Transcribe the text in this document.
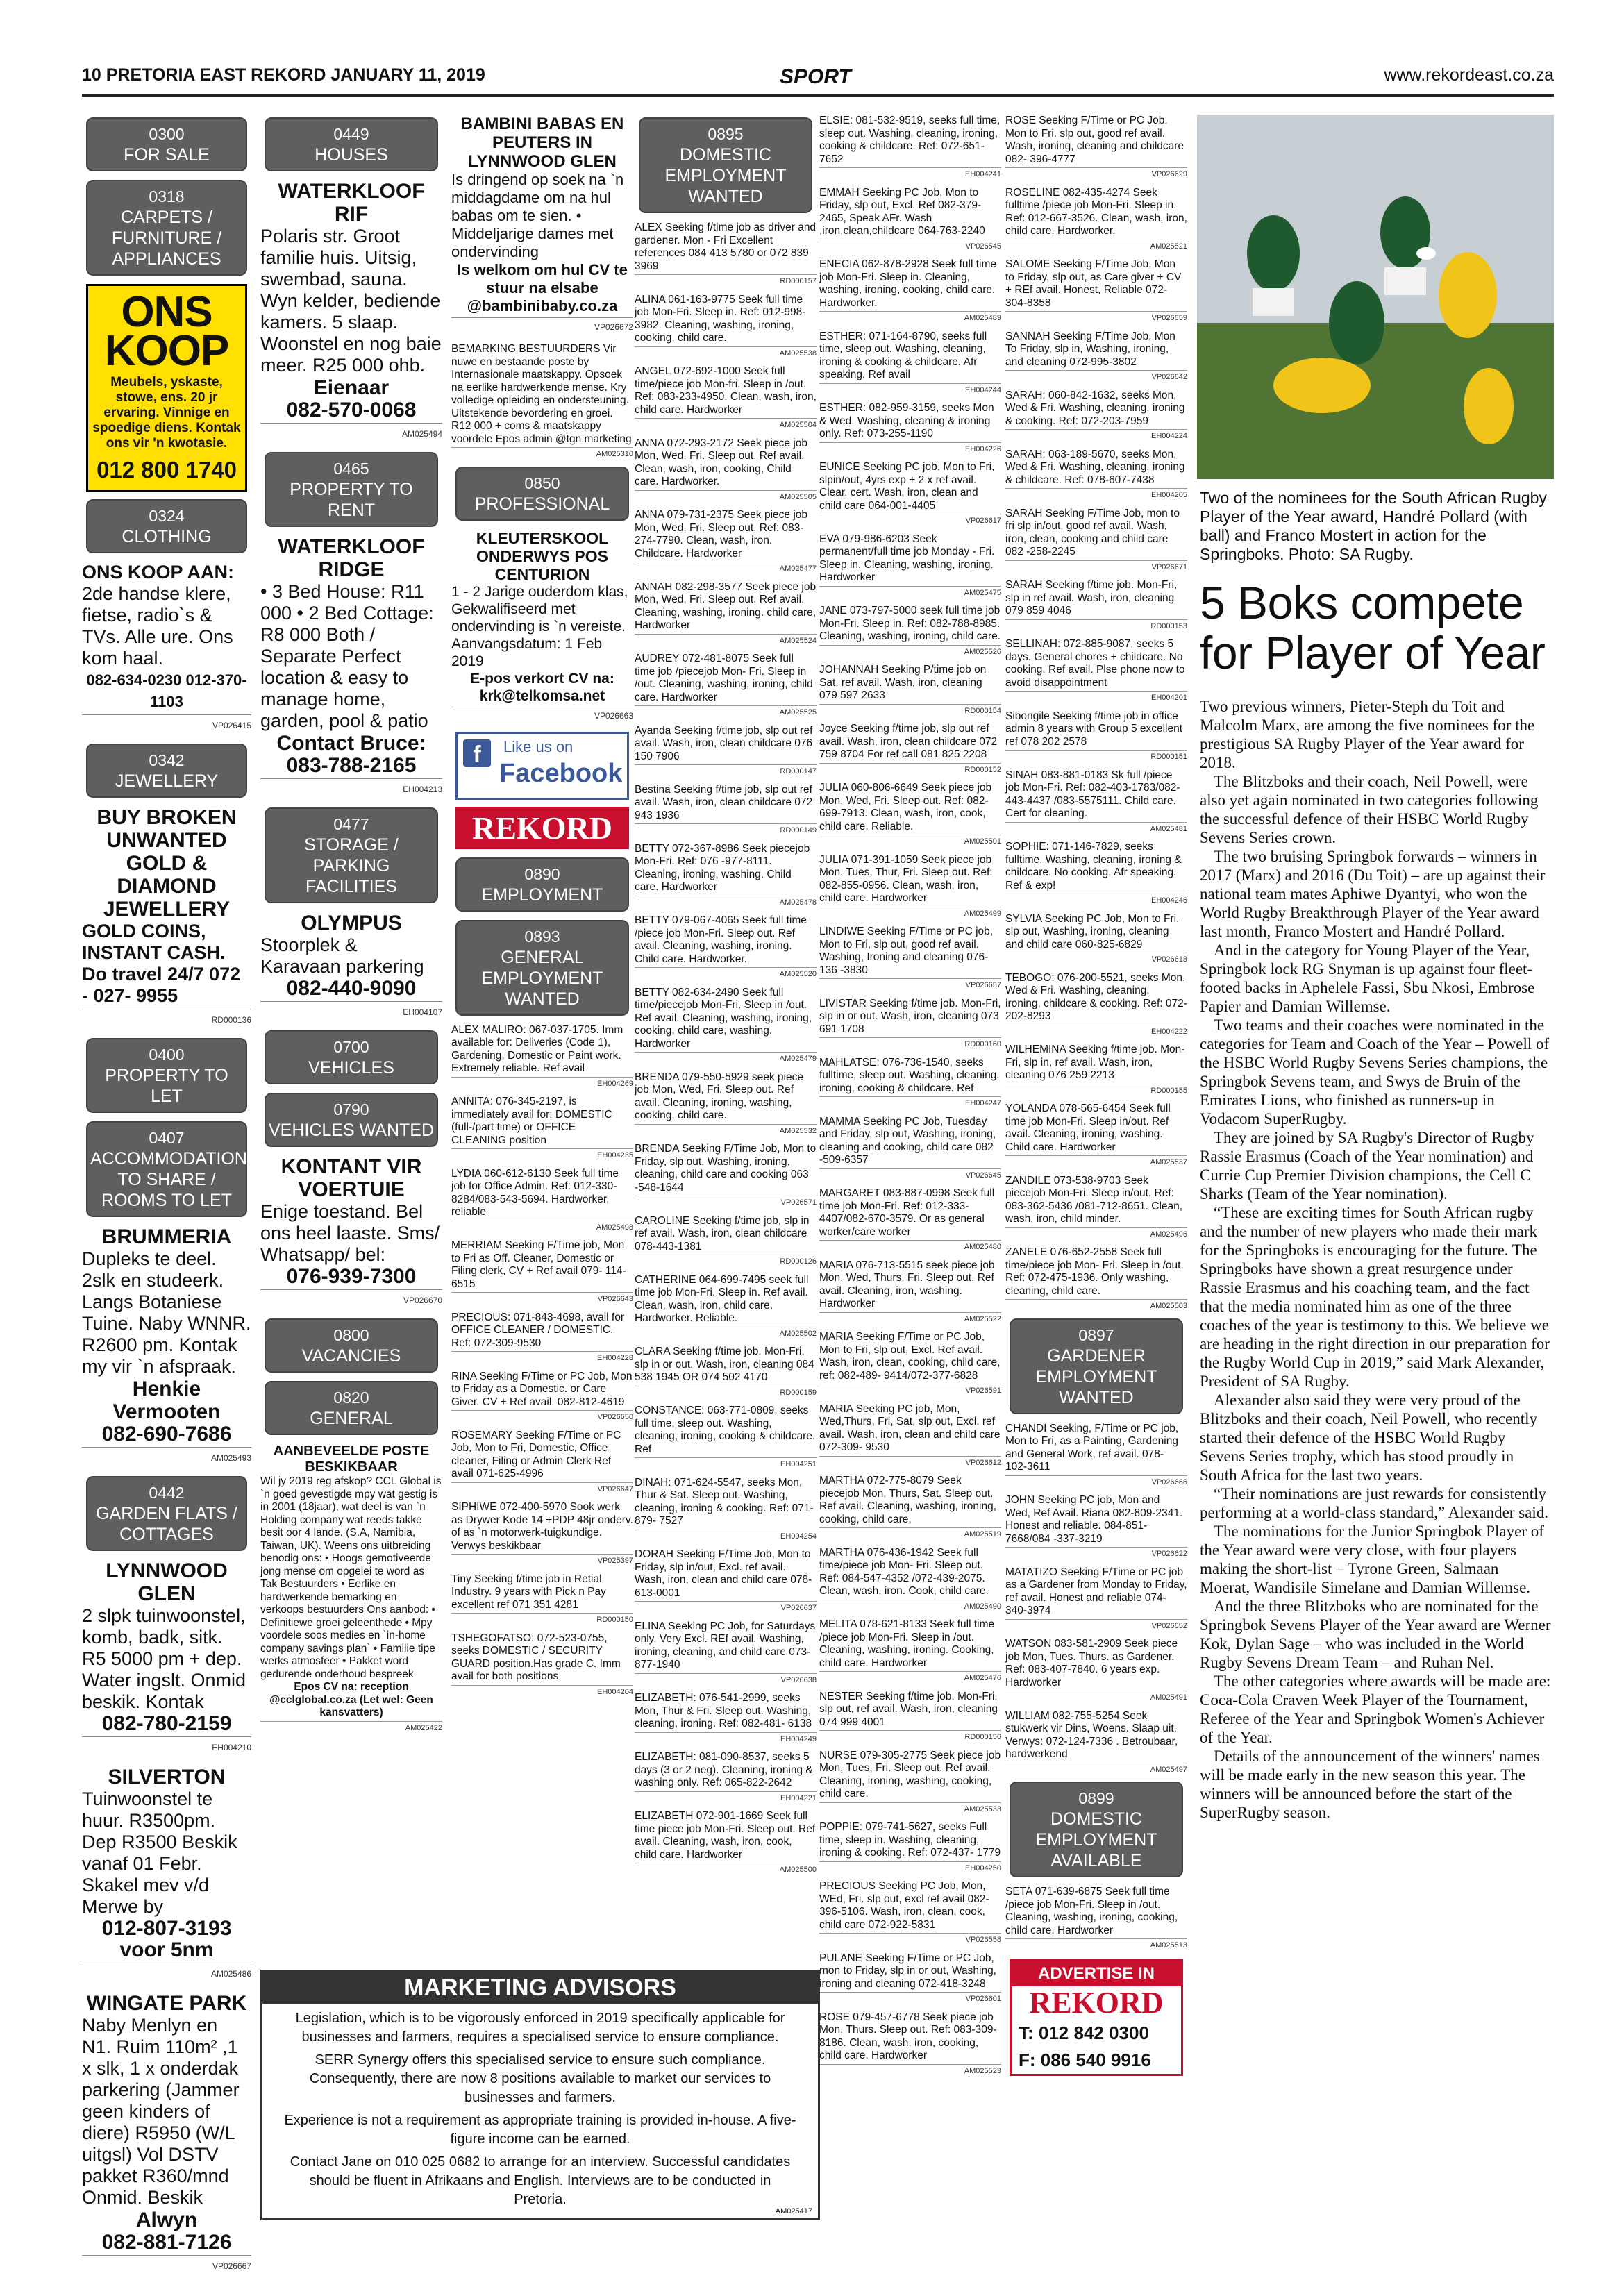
10 PRETORIA EAST REKORD JANUARY 11, 2019	SPORT	www.rekordeast.co.za
0300
FOR SALE
0318
CARPETS / FURNITURE / APPLIANCES
ONS KOOP
Meubels, yskaste, stowe, ens. 20 jr ervaring. Vinnige en spoedige diens. Kontak ons vir 'n kwotasie.
012 800 1740
0324
CLOTHING
ONS KOOP AAN:
2de handse klere, fietse, radio`s & TVs. Alle ure. Ons kom haal.
082-634-0230 012-370-1103
VP026415
0342
JEWELLERY
BUY BROKEN UNWANTED GOLD & DIAMOND JEWELLERY
GOLD COINS, INSTANT CASH. Do travel 24/7 072 - 027- 9955
RD000136
0400
PROPERTY TO LET
0407
ACCOMMODATION TO SHARE / ROOMS TO LET
BRUMMERIA
Dupleks te deel. 2slk en studeerk. Langs Botaniese Tuine. Naby WNNR. R2600 pm. Kontak my vir `n afspraak.
Henkie Vermooten
082-690-7686
AM025493
0442
GARDEN FLATS / COTTAGES
LYNNWOOD GLEN
2 slpk tuinwoonstel, komb, badk, sitk. R5 5000 pm + dep. Water ingslt. Onmid beskik. Kontak
082-780-2159
EH004210
SILVERTON
Tuinwoonstel te huur. R3500pm. Dep R3500 Beskik vanaf 01 Febr. Skakel mev v/d Merwe by
012-807-3193 voor 5nm
AM025486
WINGATE PARK
Naby Menlyn en N1. Ruim 110m² ,1 x slk, 1 x onderdak parkering (Jammer geen kinders of diere) R5950 (W/L uitgsl) Vol DSTV pakket R360/mnd Onmid. Beskik
Alwyn
082-881-7126
VP026667
0449
HOUSES
WATERKLOOF RIF
Polaris str. Groot familie huis. Uitsig, swembad, sauna. Wyn kelder, bediende kamers. 5 slaap. Woonstel en nog baie meer. R25 000 ohb.
Eienaar
082-570-0068
AM025494
0465
PROPERTY TO RENT
WATERKLOOF RIDGE
• 3 Bed House: R11 000 • 2 Bed Cottage: R8 000 Both / Separate Perfect location & easy to manage home, garden, pool & patio
Contact Bruce:
083-788-2165
EH004213
0477
STORAGE / PARKING FACILITIES
OLYMPUS
Stoorplek & Karavaan parkering
082-440-9090
EH004107
0700
VEHICLES
0790
VEHICLES WANTED
KONTANT VIR VOERTUIE
Enige toestand. Bel ons heel laaste. Sms/ Whatsapp/ bel:
076-939-7300
VP026670
0800
VACANCIES
0820
GENERAL
AANBEVEELDE POSTE BESKIKBAAR
Wil jy 2019 reg afskop? CCL Global is `n goed gevestigde mpy wat gestig is in 2001 (18jaar), wat deel is van `n Holding company wat reeds takke besit oor 4 lande. (S.A, Namibia, Taiwan, UK). Weens ons uitbreiding benodig ons: • Hoogs gemotiveerde jong mense om opgelei te word as Tak Bestuurders • Eerlike en hardwerkende bemarking en verkoops bestuurders Ons aanbod: • Definitiewe groei geleenthede • Mpy voordele soos medies en `in-home company savings plan` • Familie tipe werks atmosfeer • Pakket word gedurende onderhoud bespreek
Epos CV na: reception @cclglobal.co.za (Let wel: Geen kansvatters)
AM025422
BAMBINI BABAS EN PEUTERS IN LYNNWOOD GLEN
Is dringend op soek na `n middagdame om na hul babas om te sien. • Middeljarige dames met ondervinding
Is welkom om hul CV te stuur na elsabe @bambinibaby.co.za
VP026672
BEMARKING BESTUURDERS Vir nuwe en bestaande poste by Internasionale maatskappy. Opsoek na eerlike hardwerkende mense. Kry volledige opleiding en ondersteuning. Uitstekende bevordering en groei. R12 000 + coms & maatskappy voordele Epos admin @tgn.marketing
AM025310
0850
PROFESSIONAL
KLEUTERSKOOL ONDERWYS POS CENTURION
1 - 2 Jarige ouderdom klas, Gekwalifiseerd met ondervinding is `n vereiste. Aanvangsdatum: 1 Feb 2019
E-pos verkort CV na: krk@telkomsa.net
VP026663
f	Like us on
Facebook
REKORD
0890
EMPLOYMENT
0893
GENERAL EMPLOYMENT WANTED
ALEX MALIRO: 067-037-1705. Imm available for: Deliveries (Code 1), Gardening, Domestic or Paint work. Extremely reliable. Ref avail
EH004269
ANNITA: 076-345-2197, is immediately avail for: DOMESTIC (full-/part time) or OFFICE CLEANING position
EH004235
LYDIA 060-612-6130 Seek full time job for Office Admin. Ref: 012-330-8284/083-543-5694. Hardworker, reliable
AM025498
MERRIAM Seeking F/Time job, Mon to Fri as Off. Cleaner, Domestic or Filing clerk, CV + Ref avail 079- 114-6515
VP026643
PRECIOUS: 071-843-4698, avail for OFFICE CLEANER / DOMESTIC. Ref: 072-309-9530
EH004228
RINA Seeking F/Time or PC Job, Mon to Friday as a Domestic. or Care Giver. CV + Ref avail. 082-812-4619
VP026650
ROSEMARY Seeking F/Time or PC Job, Mon to Fri, Domestic, Office cleaner, Filing or Admin Clerk Ref avail 071-625-4996
VP026647
SIPHIWE 072-400-5970 Sook werk as Drywer Kode 14 +PDP 48jr onderv. of as `n motorwerk-tuigkundige. Verwys beskikbaar
VP025397
Tiny Seeking f/time job in Retial Industry. 9 years with Pick n Pay excellent ref 071 351 4281
RD000150
TSHEGOFATSO: 072-523-0755, seeks DOMESTIC / SECURITY GUARD position.Has grade C. Imm avail for both positions
EH004204
0895
DOMESTIC EMPLOYMENT WANTED
ALEX Seeking f/time job as driver and gardener. Mon - Fri Excellent references 084 413 5780 or 072 839 3969
RD000157
ALINA 061-163-9775 Seek full time job Mon-Fri. Sleep in. Ref: 012-998-3982. Cleaning, washing, ironing, cooking, child care.
AM025538
ANGEL 072-692-1000 Seek full time/piece job Mon-fri. Sleep in /out. Ref: 083-233-4950. Clean, wash, iron, child care. Hardworker
AM025504
ANNA 072-293-2172 Seek piece job Mon, Wed, Fri. Sleep out. Ref avail. Clean, wash, iron, cooking, Child care. Hardworker.
AM025505
ANNA 079-731-2375 Seek piece job Mon, Wed, Fri. Sleep out. Ref: 083-274-7790. Clean, wash, iron. Childcare. Hardworker
AM025477
ANNAH 082-298-3577 Seek piece job Mon, Wed, Fri. Sleep out. Ref avail. Cleaning, washing, ironing. child care, Hardworker
AM025524
AUDREY 072-481-8075 Seek full time job /piecejob Mon- Fri. Sleep in /out. Cleaning, washing, ironing, child care. Hardworker
AM025525
Ayanda Seeking f/time job, slp out ref avail. Wash, iron, clean childcare 076 150 7906
RD000147
Bestina Seeking f/time job, slp out ref avail. Wash, iron, clean childcare 072 943 1936
RD000149
BETTY 072-367-8986 Seek piecejob Mon-Fri. Ref: 076 -977-8111. Cleaning, ironing, washing. Child care. Hardworker
AM025478
BETTY 079-067-4065 Seek full time /piece job Mon-Fri. Sleep out. Ref avail. Cleaning, washing, ironing. Child care. Hardworker.
AM025520
BETTY 082-634-2490 Seek full time/piecejob Mon-Fri. Sleep in /out. Ref avail. Cleaning, washing, ironing, cooking, child care, washing. Hardworker
AM025479
BRENDA 079-550-5929 seek piece job Mon, Wed, Fri. Sleep out. Ref avail. Cleaning, ironing, washing, cooking, child care.
AM025532
BRENDA Seeking F/Time Job, Mon to Friday, slp out, Washing, ironing, cleaning, child care and cooking 063 -548-1644
VP026571
CAROLINE Seeking f/time job, slp in ref avail. Wash, iron, clean childcare 078-443-1381
RD000126
CATHERINE 064-699-7495 seek full time job Mon-Fri. Sleep in. Ref avail. Clean, wash, iron, child care. Hardworker. Reliable.
AM025502
CLARA Seeking f/time job. Mon-Fri, slp in or out. Wash, iron, cleaning 084 538 1945 OR 074 502 4170
RD000159
CONSTANCE: 063-771-0809, seeks full time, sleep out. Washing, cleaning, ironing, cooking & childcare. Ref
EH004251
DINAH: 071-624-5547, seeks Mon, Thur & Sat. Sleep out. Washing, cleaning, ironing & cooking. Ref: 071-879- 7527
EH004254
DORAH Seeking F/Time Job, Mon to Friday, slp in/out, Excl. ref avail. Wash, iron, clean and child care 078- 613-0001
VP026637
ELINA Seeking PC Job, for Saturdays only, Very Excl. REf avail. Washing, ironing, cleaning, and child care 073-877-1940
VP026638
ELIZABETH: 076-541-2999, seeks Mon, Thur & Fri. Sleep out. Washing, cleaning, ironing. Ref: 082-481- 6138
EH004249
ELIZABETH: 081-090-8537, seeks 5 days (3 or 2 neg). Cleaning, ironing & washing only. Ref: 065-822-2642
EH004221
ELIZABETH 072-901-1669 Seek full time piece job Mon-Fri. Sleep out. Ref avail. Cleaning, wash, iron, cook, child care. Hardworker
AM025500
ELSIE: 081-532-9519, seeks full time, sleep out. Washing, cleaning, ironing, cooking & childcare. Ref: 072-651-7652
EH004241
EMMAH Seeking PC Job, Mon to Friday, slp out, Excl. Ref 082-379-2465, Speak AFr. Wash ,iron,clean,childcare 064-763-2240
VP026545
ENECIA 062-878-2928 Seek full time job Mon-Fri. Sleep in. Cleaning, washing, ironing, cooking, child care. Hardworker.
AM025489
ESTHER: 071-164-8790, seeks full time, sleep out. Washing, cleaning, ironing & cooking & childcare. Afr speaking. Ref avail
EH004244
ESTHER: 082-959-3159, seeks Mon & Wed. Washing, cleaning & ironing only. Ref: 073-255-1190
EH004226
EUNICE Seeking PC job, Mon to Fri, slpin/out, 4yrs exp + 2 x ref avail. Clear. cert. Wash, iron, clean and child care 064-001-4405
VP026617
EVA 079-986-6203 Seek permanent/full time job Monday - Fri. Sleep in. Cleaning, washing, ironing. Hardworker
AM025475
JANE 073-797-5000 seek full time job Mon-Fri. Sleep in. Ref: 082-788-8985. Cleaning, washing, ironing, child care.
AM025526
JOHANNAH Seeking P/time job on Sat, ref avail. Wash, iron, cleaning 079 597 2633
RD000154
Joyce Seeking f/time job, slp out ref avail. Wash, iron, clean childcare 072 759 8704 For ref call 081 825 2208
RD000152
JULIA 060-806-6649 Seek piece job Mon, Wed, Fri. Sleep out. Ref: 082-699-7913. Clean, wash, iron, cook, child care. Reliable.
AM025501
JULIA 071-391-1059 Seek piece job Mon, Tues, Thur, Fri. Sleep out. Ref: 082-855-0956. Clean, wash, iron, child care. Hardworker
AM025499
LINDIWE Seeking F/Time or PC job, Mon to Fri, slp out, good ref avail. Washing, Ironing and cleaning 076-136 -3830
VP026657
LIVISTAR Seeking f/time job. Mon-Fri, slp in or out. Wash, iron, cleaning 073 691 1708
RD000160
MAHLATSE: 076-736-1540, seeks fulltime, sleep out. Washing, cleaning, ironing, cooking & childcare. Ref
EH004247
MAMMA Seeking PC Job, Tuesday and Friday, slp out, Washing, ironing, cleaning and cooking, child care 082 -509-6357
VP026645
MARGARET 083-887-0998 Seek full time job Mon-Fri. Ref: 012-333-4407/082-670-3579. Or as general worker/care worker
AM025480
MARIA 076-713-5515 seek piece job Mon, Wed, Thurs, Fri. Sleep out. Ref avail. Cleaning, iron, washing. Hardworker
AM025522
MARIA Seeking F/Time or PC Job, Mon to Fri, slp out, Excl. Ref avail. Wash, iron, clean, cooking, child care, ref: 082-489- 9414/072-377-6828
VP026591
MARIA Seeking PC job, Mon, Wed,Thurs, Fri, Sat, slp out, Excl. ref avail. Wash, iron, clean and child care 072-309- 9530
VP026612
MARTHA 072-775-8079 Seek piecejob Mon, Thurs, Sat. Sleep out. Ref avail. Cleaning, washing, ironing, cooking, child care,
AM025519
MARTHA 076-436-1942 Seek full time/piece job Mon- Fri. Sleep out. Ref: 084-547-4352 /072-439-2075. Clean, wash, iron. Cook, child care.
AM025490
MELITA 078-621-8133 Seek full time /piece job Mon-Fri. Sleep in /out. Cleaning, washing, ironing. Cooking, child care. Hardworker
AM025476
NESTER Seeking f/time job. Mon-Fri, slp out, ref avail. Wash, iron, cleaning 074 999 4001
RD000156
NURSE 079-305-2775 Seek piece job Mon, Tues, Fri. Sleep out. Ref avail. Cleaning, ironing, washing, cooking, child care.
AM025533
POPPIE: 079-741-5627, seeks Full time, sleep in. Washing, cleaning, ironing & cooking. Ref: 072-437- 1779
EH004250
PRECIOUS Seeking PC Job, Mon, WEd, Fri. slp out, excl ref avail 082-396-5106. Wash, iron, clean, cook, child care 072-922-5831
VP026558
PULANE Seeking F/Time or PC Job, mon to Friday, slp in or out, Washing, ironing and cleaning 072-418-3248
VP026601
ROSE 079-457-6778 Seek piece job Mon, Thurs. Sleep out. Ref: 083-309-8186. Clean, wash, iron, cooking, child care. Hardworker
AM025523
ROSE Seeking F/Time or PC Job, Mon to Fri. slp out, good ref avail. Wash, ironing, cleaning and childcare 082- 396-4777
VP026629
ROSELINE 082-435-4274 Seek fulltime /piece job Mon-Fri. Sleep in. Ref: 012-667-3526. Clean, wash, iron, child care. Hardworker.
AM025521
SALOME Seeking F/Time Job, Mon to Friday, slp out, as Care giver + CV + REf avail. Honest, Reliable 072- 304-8358
VP026659
SANNAH Seeking F/Time Job, Mon To Friday, slp in, Washing, ironing, and cleaning 072-995-3802
VP026642
SARAH: 060-842-1632, seeks Mon, Wed & Fri. Washing, cleaning, ironing & cooking. Ref: 072-203-7959
EH004224
SARAH: 063-189-5670, seeks Mon, Wed & Fri. Washing, cleaning, ironing & childcare. Ref: 078-607-7438
EH004205
SARAH Seeking F/Time Job, mon to fri slp in/out, good ref avail. Wash, iron, clean, cooking and child care 082 -258-2245
VP026671
SARAH Seeking f/time job. Mon-Fri, slp in ref avail. Wash, iron, cleaning 079 859 4046
RD000153
SELLINAH: 072-885-9087, seeks 5 days. General chores + childcare. No cooking. Ref avail. Plse phone now to avoid disappointment
EH004201
Sibongile Seeking f/time job in office admin 8 years with Group 5 excellent ref 078 202 2578
RD000151
SINAH 083-881-0183 Sk full /piece job Mon-Fri. Ref: 082-403-1783/082-443-4437 /083-5575111. Child care. Cert for cleaning.
AM025481
SOPHIE: 071-146-7829, seeks fulltime. Washing, cleaning, ironing & childcare. No cooking. Afr speaking. Ref & exp!
EH004246
SYLVIA Seeking PC Job, Mon to Fri. slp out, Washing, ironing, cleaning and child care 060-825-6829
VP026618
TEBOGO: 076-200-5521, seeks Mon, Wed & Fri. Washing, cleaning, ironing, childcare & cooking. Ref: 072-202-8293
EH004222
WILHEMINA Seeking f/time job. Mon-Fri, slp in, ref avail. Wash, iron, cleaning 076 259 2213
RD000155
YOLANDA 078-565-6454 Seek full time job Mon-Fri. Sleep in/out. Ref avail. Cleaning, ironing, washing. Child care. Hardworker
AM025537
ZANDILE 073-538-9703 Seek piecejob Mon-Fri. Sleep in/out. Ref: 083-362-5436 /081-712-8651. Clean, wash, iron, child minder.
AM025496
ZANELE 076-652-2558 Seek full time/piece job Mon- Fri. Sleep in /out. Ref: 072-475-1936. Only washing, cleaning, child care.
AM025503
0897
GARDENER EMPLOYMENT WANTED
CHANDI Seeking, F/Time or PC job, Mon to Fri, as a Painting, Gardening and General Work, ref avail. 078- 102-3611
VP026666
JOHN Seeking PC job, Mon and Wed, Ref Avail. Riana 082-809-2341. Honest and reliable. 084-851-7668/084 -337-3219
VP026622
MATATIZO Seeking F/Time or PC job as a Gardener from Monday to Friday, ref avail. Honest and reliable 074-340-3974
VP026652
WATSON 083-581-2909 Seek piece job Mon, Tues. Thurs. as Gardener. Ref: 083-407-7840. 6 years exp. Hardworker
AM025491
WILLIAM 082-755-5254 Seek stukwerk vir Dins, Woens. Slaap uit. Verwys: 072-124-7336 . Betroubaar, hardwerkend
AM025497
0899
DOMESTIC EMPLOYMENT AVAILABLE
SETA 071-639-6875 Seek full time /piece job Mon-Fri. Sleep in /out. Cleaning, washing, ironing, cooking, child care. Hardworker
AM025513
ADVERTISE IN
REKORD
T: 012 842 0300
F: 086 540 9916
MARKETING ADVISORS

Legislation, which is to be vigorously enforced in 2019 specifically applicable for businesses and farmers, requires a specialised service to ensure compliance.

SERR Synergy offers this specialised service to ensure such compliance. Consequently, there are now 8 positions available to market our services to businesses and farmers.

Experience is not a requirement as appropriate training is provided in-house. A five-figure income can be earned.

Contact Jane on 010 025 0682 to arrange for an interview. Successful candidates should be fluent in Afrikaans and English. Interviews are to be conducted in Pretoria.

AM025417
Two of the nominees for the South African Rugby Player of the Year award, Handré Pollard (with ball) and Franco Mostert in action for the Springboks. Photo: SA Rugby.
5 Boks compete for Player of Year

Two previous winners, Pieter-Steph du Toit and Malcolm Marx, are among the five nominees for the prestigious SA Rugby Player of the Year award for 2018.

The Blitzboks and their coach, Neil Powell, were also yet again nominated in two categories following the successful defence of their HSBC World Rugby Sevens Series crown.

The two bruising Springbok forwards – winners in 2017 (Marx) and 2016 (Du Toit) – are up against their national team mates Aphiwe Dyantyi, who won the World Rugby Breakthrough Player of the Year award last month, Franco Mostert and Handré Pollard.

And in the category for Young Player of the Year, Springbok lock RG Snyman is up against four fleet-footed backs in Aphelele Fassi, Sbu Nkosi, Embrose Papier and Damian Willemse.

Two teams and their coaches were nominated in the categories for Team and Coach of the Year – Powell of the HSBC World Rugby Sevens Series champions, the Springbok Sevens team, and Swys de Bruin of the Emirates Lions, who finished as runners-up in Vodacom SuperRugby.

They are joined by SA Rugby's Director of Rugby Rassie Erasmus (Coach of the Year nomination) and Currie Cup Premier Division champions, the Cell C Sharks (Team of the Year nomination).

“These are exciting times for South African rugby and the number of new players who made their mark for the Springboks is encouraging for the future. The Springboks have shown a great resurgence under Rassie Erasmus and his coaching team, and the fact that the media nominated him as one of the three coaches of the year is testimony to this. We believe we are heading in the right direction in our preparation for the Rugby World Cup in 2019,” said Mark Alexander, President of SA Rugby.

Alexander also said they were very proud of the Blitzboks and their coach, Neil Powell, who recently started their defence of the HSBC World Rugby Sevens Series trophy, which has stood proudly in South Africa for the last two years.

“Their nominations are just rewards for consistently performing at a world-class standard,” Alexander said.

The nominations for the Junior Springbok Player of the Year award were very close, with four players making the short-list – Tyrone Green, Salmaan Moerat, Wandisile Simelane and Damian Willemse.

And the three Blitzboks who are nominated for the Springbok Sevens Player of the Year award are Werner Kok, Dylan Sage – who was included in the World Rugby Sevens Dream Team – and Ruhan Nel.

The other categories where awards will be made are: Coca-Cola Craven Week Player of the Tournament, Referee of the Year and Springbok Women's Achiever of the Year.

Details of the announcement of the winners' names will be made early in the new season this year. The winners will be announced before the start of the SuperRugby season.
